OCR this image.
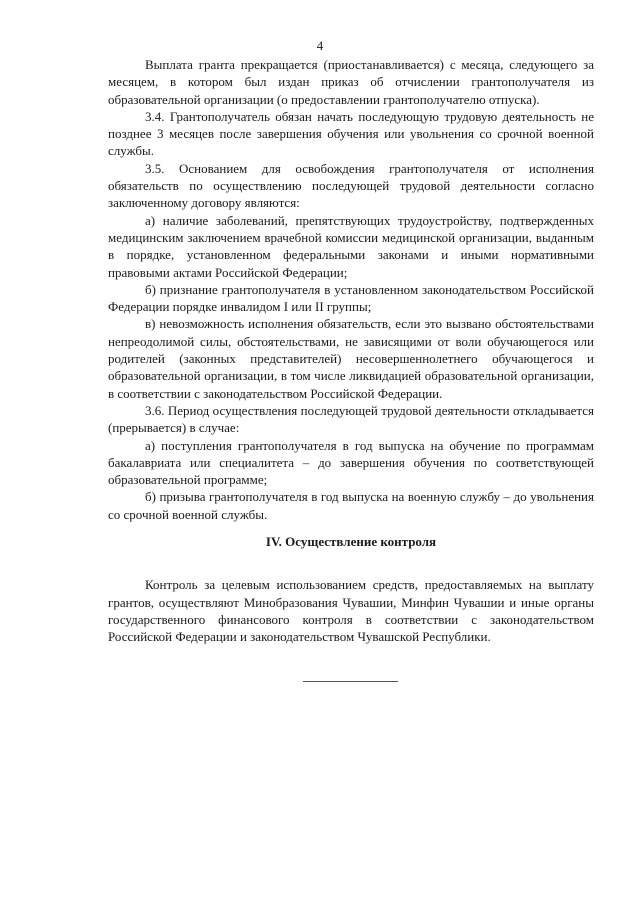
4

Выплата гранта прекращается (приостанавливается) с месяца, следующего за месяцем, в котором был издан приказ об отчислении грантополучателя из образовательной организации (о предоставлении грантополучателю отпуска).

3.4. Грантополучатель обязан начать последующую трудовую деятельность не позднее 3 месяцев после завершения обучения или увольнения со срочной военной службы.

3.5. Основанием для освобождения грантополучателя от исполнения обязательств по осуществлению последующей трудовой деятельности согласно заключенному договору являются:

а) наличие заболеваний, препятствующих трудоустройству, подтвержденных медицинским заключением врачебной комиссии медицинской организации, выданным в порядке, установленном федеральными законами и иными нормативными правовыми актами Российской Федерации;

б) признание грантополучателя в установленном законодательством Российской Федерации порядке инвалидом I или II группы;

в) невозможность исполнения обязательств, если это вызвано обстоятельствами непреодолимой силы, обстоятельствами, не зависящими от воли обучающегося или родителей (законных представителей) несовершеннолетнего обучающегося и образовательной организации, в том числе ликвидацией образовательной организации, в соответствии с законодательством Российской Федерации.

3.6. Период осуществления последующей трудовой деятельности откладывается (прерывается) в случае:

а) поступления грантополучателя в год выпуска на обучение по программам бакалавриата или специалитета – до завершения обучения по соответствующей образовательной программе;

б) призыва грантополучателя в год выпуска на военную службу – до увольнения со срочной военной службы.

IV. Осуществление контроля

Контроль за целевым использованием средств, предоставляемых на выплату грантов, осуществляют Минобразования Чувашии, Минфин Чувашии и иные органы государственного финансового контроля в соответствии с законодательством Российской Федерации и законодательством Чувашской Республики.
